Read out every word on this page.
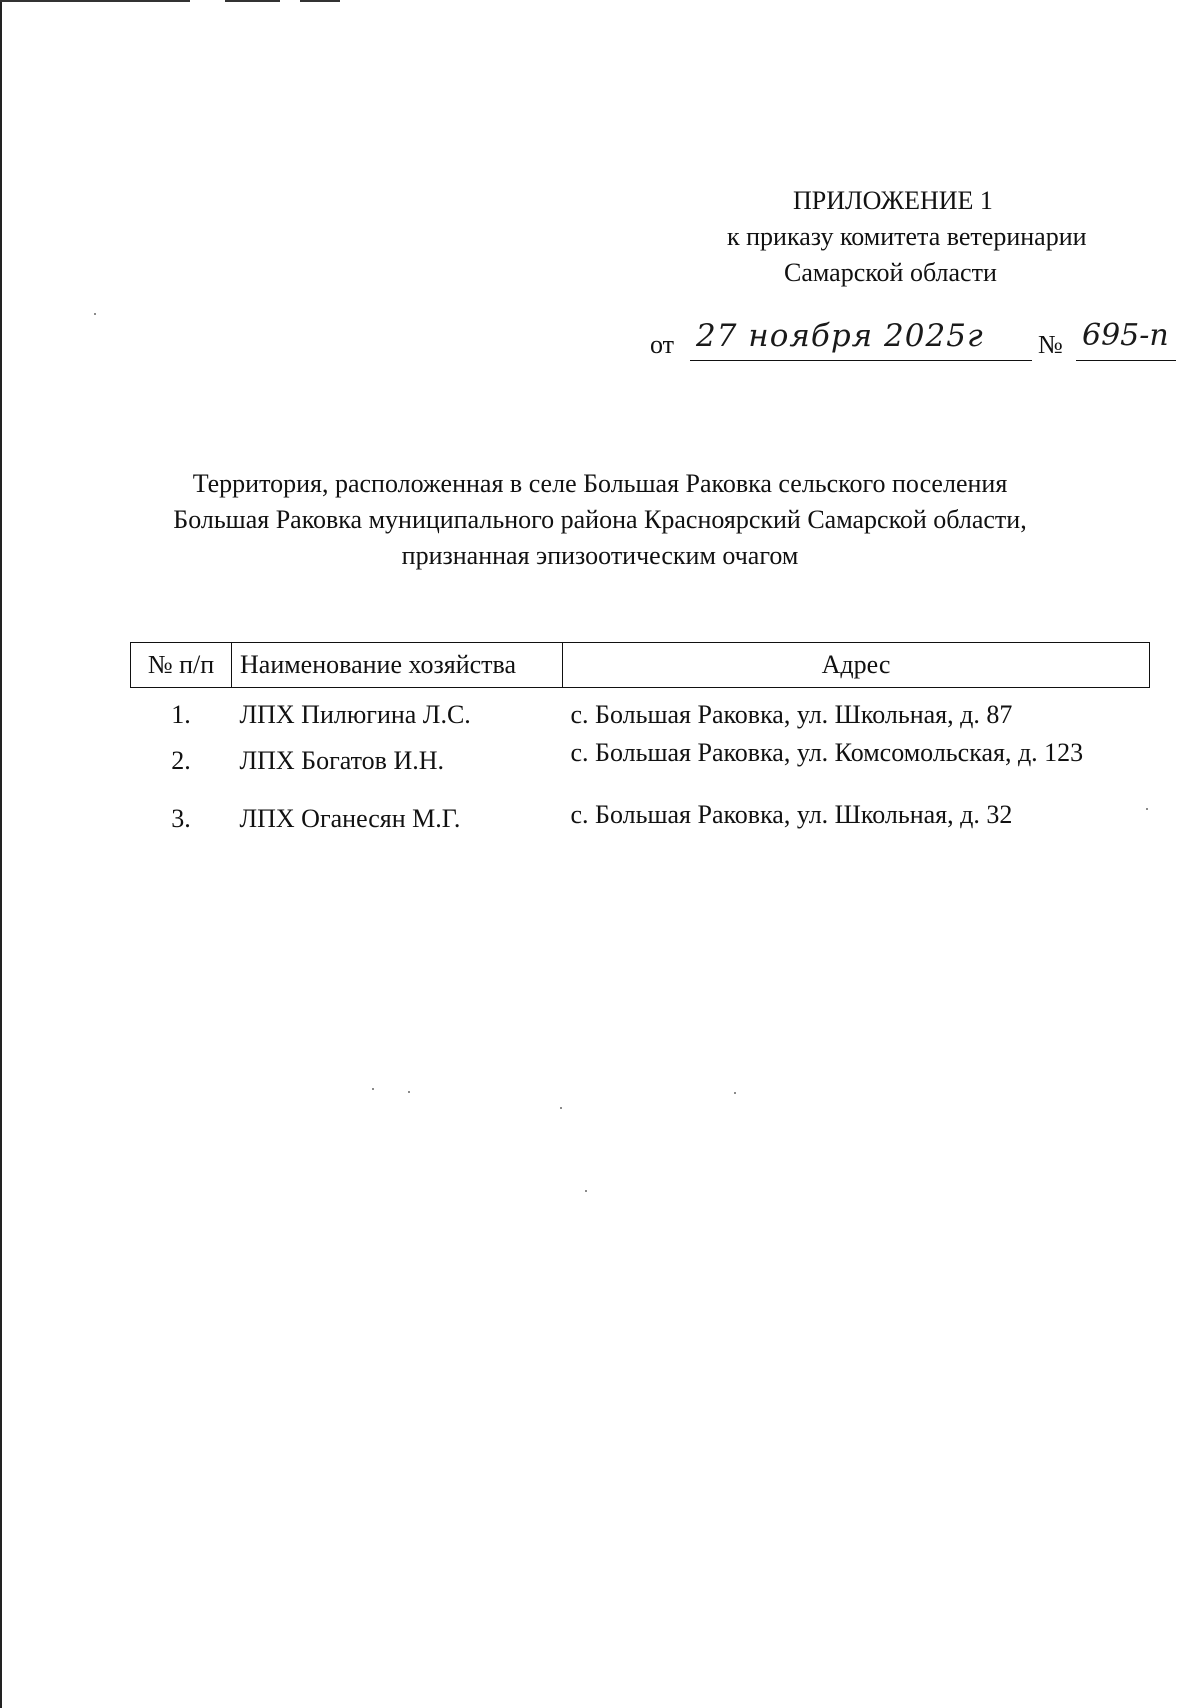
ПРИЛОЖЕНИЕ 1
к приказу комитета ветеринарии
Самарской области
от 27 ноября 2025г № 695-п
Территория, расположенная в селе Большая Раковка сельского поселения
Большая Раковка муниципального района Красноярский Самарской области,
признанная эпизоотическим очагом
№ п/п	Наименование хозяйства	Адрес
1.	ЛПХ Пилюгина Л.С.	с. Большая Раковка, ул. Школьная, д. 87
2.	ЛПХ Богатов И.Н.	с. Большая Раковка, ул. Комсомольская, д. 123
3.	ЛПХ Оганесян М.Г.	с. Большая Раковка, ул. Школьная, д. 32
